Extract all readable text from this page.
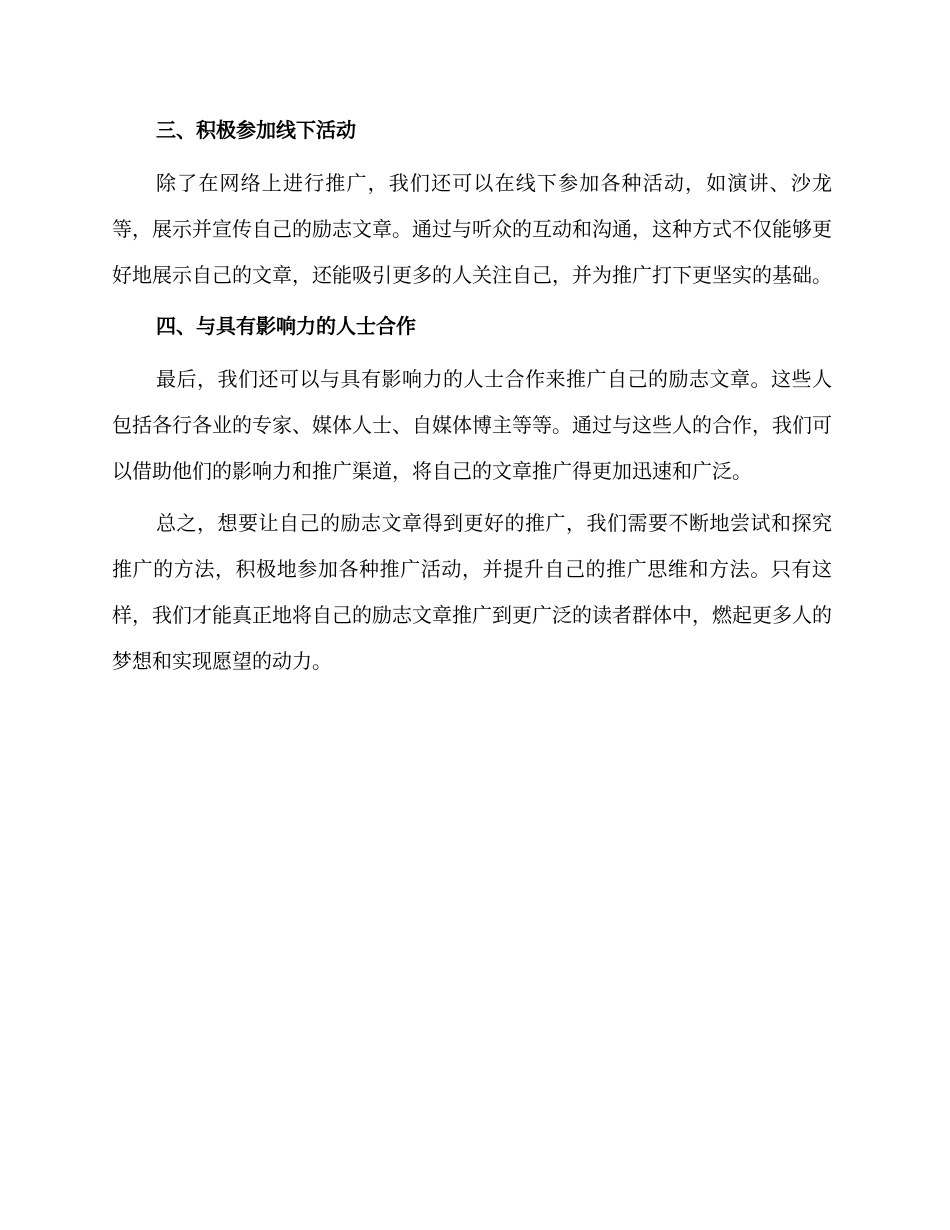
三、积极参加线下活动

除了在网络上进行推广，我们还可以在线下参加各种活动，如演讲、沙龙等，展示并宣传自己的励志文章。通过与听众的互动和沟通，这种方式不仅能够更好地展示自己的文章，还能吸引更多的人关注自己，并为推广打下更坚实的基础。

四、与具有影响力的人士合作

最后，我们还可以与具有影响力的人士合作来推广自己的励志文章。这些人包括各行各业的专家、媒体人士、自媒体博主等等。通过与这些人的合作，我们可以借助他们的影响力和推广渠道，将自己的文章推广得更加迅速和广泛。

总之，想要让自己的励志文章得到更好的推广，我们需要不断地尝试和探究推广的方法，积极地参加各种推广活动，并提升自己的推广思维和方法。只有这样，我们才能真正地将自己的励志文章推广到更广泛的读者群体中，燃起更多人的梦想和实现愿望的动力。
